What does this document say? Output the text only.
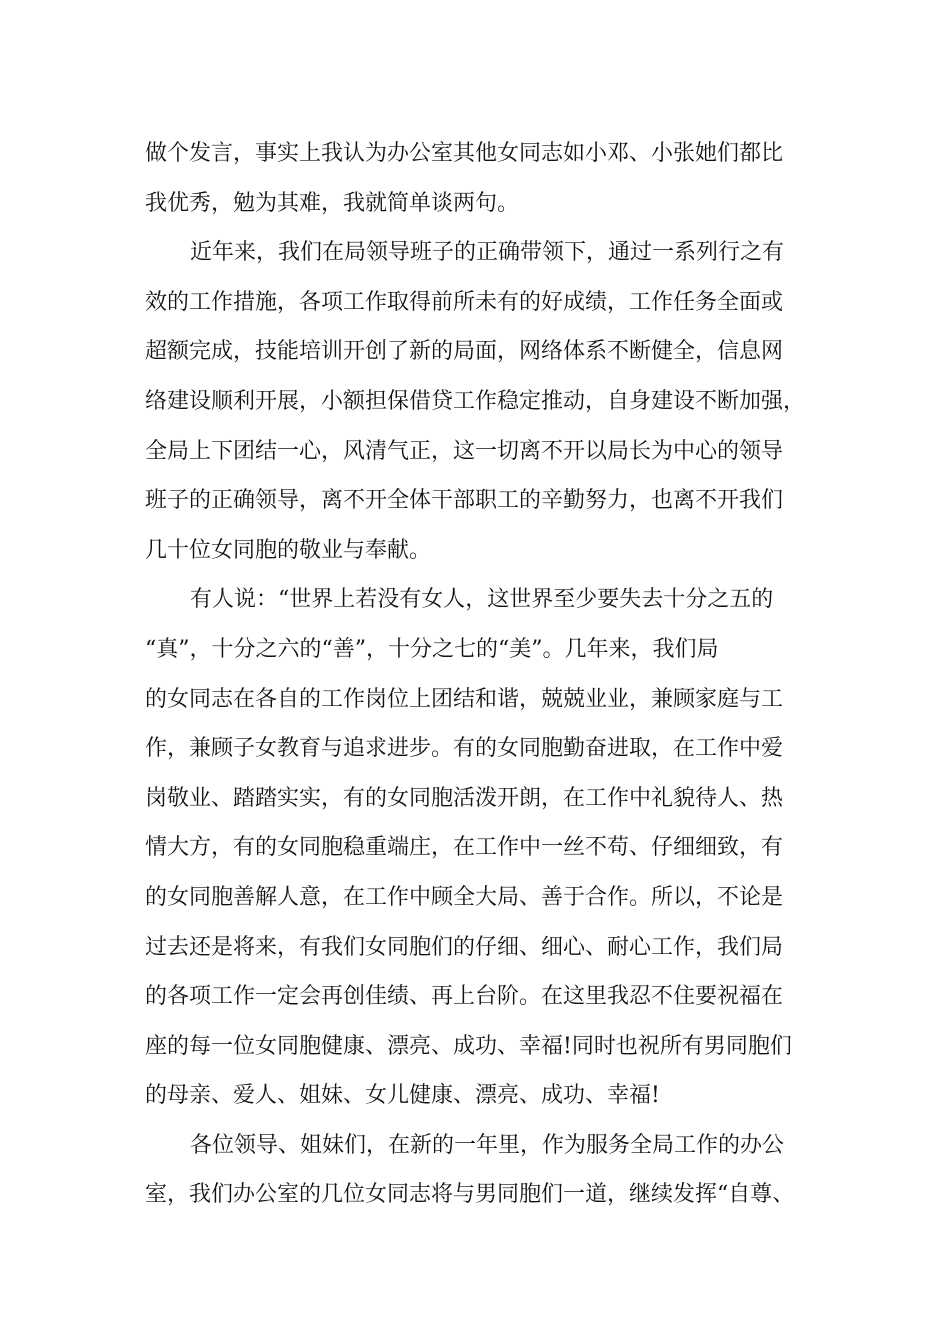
做个发言，事实上我认为办公室其他女同志如小邓、小张她们都比
我优秀，勉为其难，我就简单谈两句。
近年来，我们在局领导班子的正确带领下，通过一系列行之有
效的工作措施，各项工作取得前所未有的好成绩，工作任务全面或
超额完成，技能培训开创了新的局面，网络体系不断健全，信息网
络建设顺利开展，小额担保借贷工作稳定推动，自身建设不断加强，
全局上下团结一心，风清气正，这一切离不开以局长为中心的领导
班子的正确领导，离不开全体干部职工的辛勤努力，也离不开我们
几十位女同胞的敬业与奉献。
有人说：“世界上若没有女人，这世界至少要失去十分之五的
“真”，十分之六的“善”，十分之七的“美”。几年来，我们局
的女同志在各自的工作岗位上团结和谐，兢兢业业，兼顾家庭与工
作，兼顾子女教育与追求进步。有的女同胞勤奋进取，在工作中爱
岗敬业、踏踏实实，有的女同胞活泼开朗，在工作中礼貌待人、热
情大方，有的女同胞稳重端庄，在工作中一丝不苟、仔细细致，有
的女同胞善解人意，在工作中顾全大局、善于合作。所以，不论是
过去还是将来，有我们女同胞们的仔细、细心、耐心工作，我们局
的各项工作一定会再创佳绩、再上台阶。在这里我忍不住要祝福在
座的每一位女同胞健康、漂亮、成功、幸福!同时也祝所有男同胞们
的母亲、爱人、姐妹、女儿健康、漂亮、成功、幸福!
各位领导、姐妹们，在新的一年里，作为服务全局工作的办公
室，我们办公室的几位女同志将与男同胞们一道，继续发挥“自尊、
